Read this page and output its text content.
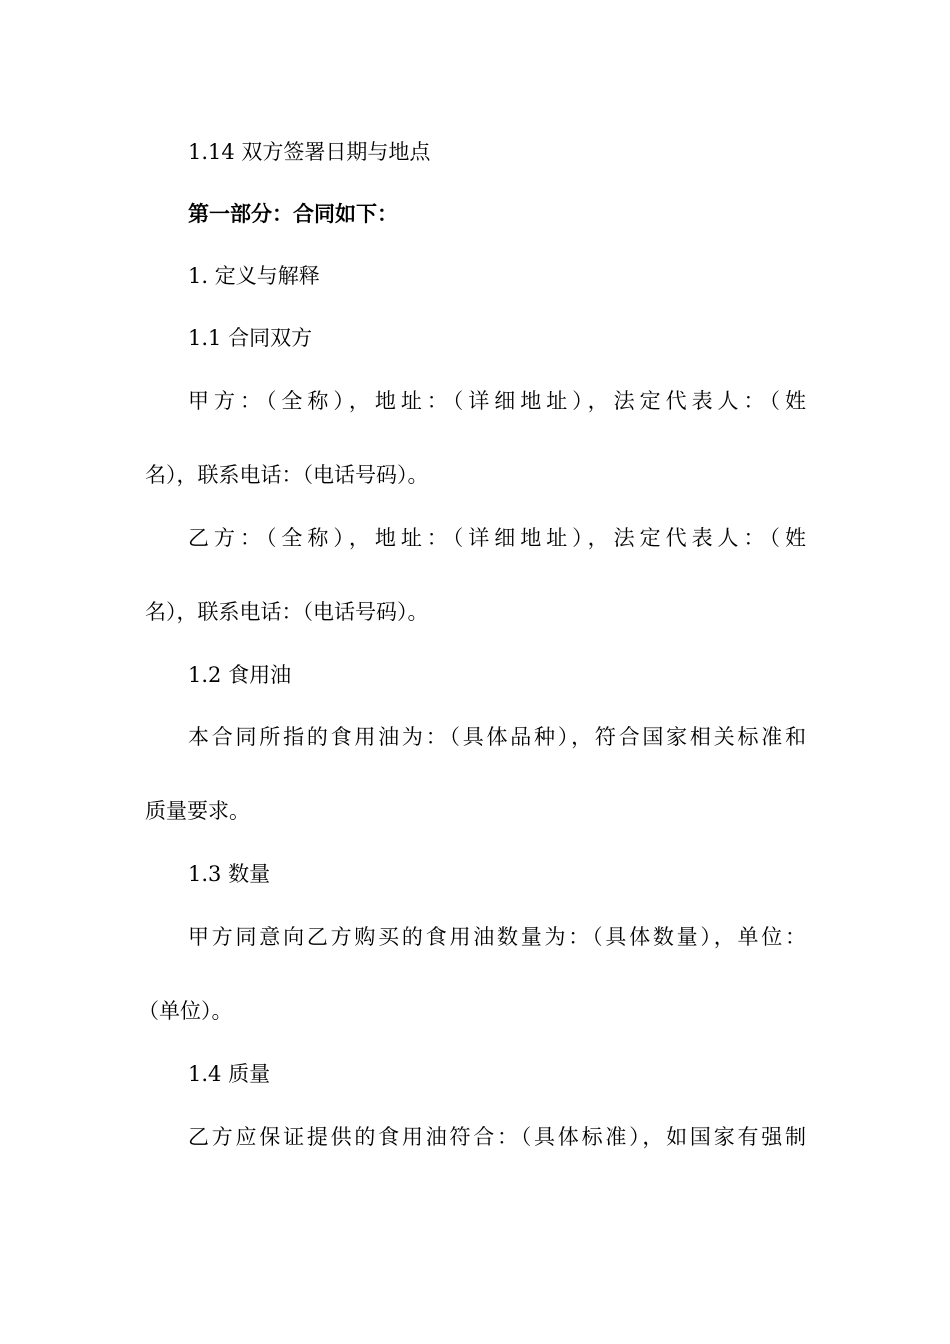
1.14 双方签署日期与地点
第一部分：合同如下：
1. 定义与解释
1.1 合同双方
甲方：（全称），地址：（详细地址），法定代表人：（姓
名），联系电话：（电话号码）。
乙方：（全称），地址：（详细地址），法定代表人：（姓
名），联系电话：（电话号码）。
1.2 食用油
本合同所指的食用油为：（具体品种），符合国家相关标准和
质量要求。
1.3 数量
甲方同意向乙方购买的食用油数量为：（具体数量），单位：
（单位）。
1.4 质量
乙方应保证提供的食用油符合：（具体标准），如国家有强制
